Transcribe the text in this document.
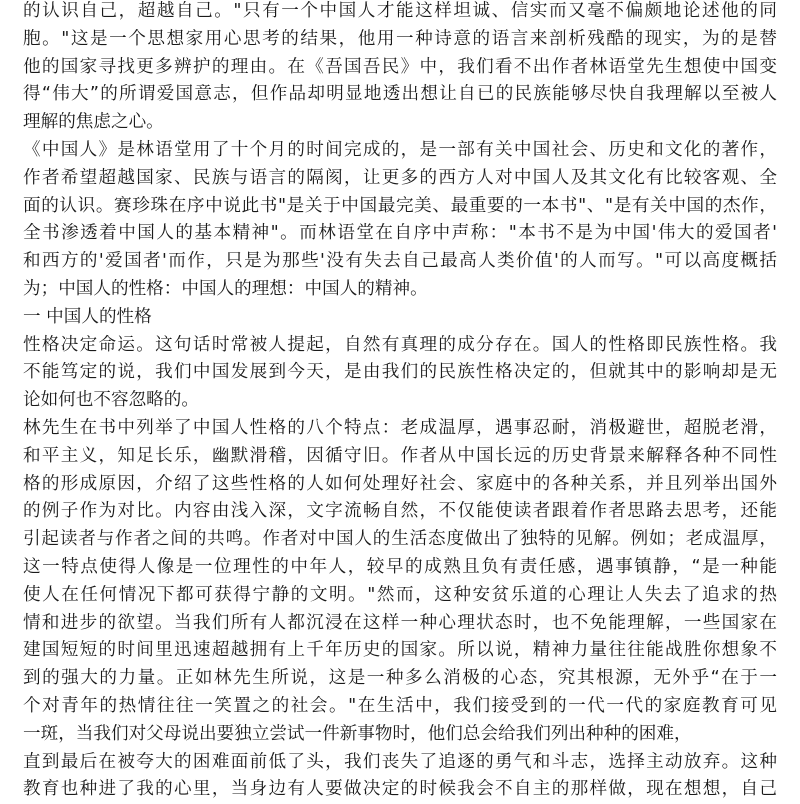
的认识自己，超越自己。"只有一个中国人才能这样坦诚、信实而又毫不偏颇地论述他的同
胞。"这是一个思想家用心思考的结果，他用一种诗意的语言来剖析残酷的现实，为的是替
他的国家寻找更多辨护的理由。在《吾国吾民》中，我们看不出作者林语堂先生想使中国变
得“伟大”的所谓爱国意志，但作品却明显地透出想让自已的民族能够尽快自我理解以至被人
理解的焦虑之心。
《中国人》是林语堂用了十个月的时间完成的，是一部有关中国社会、历史和文化的著作，
作者希望超越国家、民族与语言的隔阂，让更多的西方人对中国人及其文化有比较客观、全
面的认识。赛珍珠在序中说此书"是关于中国最完美、最重要的一本书"、"是有关中国的杰作，
全书渗透着中国人的基本精神"。而林语堂在自序中声称："本书不是为中国'伟大的爱国者'
和西方的'爱国者'而作，只是为那些'没有失去自己最高人类价值'的人而写。"可以高度概括
为；中国人的性格：中国人的理想：中国人的精神。
一 中国人的性格
性格决定命运。这句话时常被人提起，自然有真理的成分存在。国人的性格即民族性格。我
不能笃定的说，我们中国发展到今天，是由我们的民族性格决定的，但就其中的影响却是无
论如何也不容忽略的。
林先生在书中列举了中国人性格的八个特点：老成温厚，遇事忍耐，消极避世，超脱老滑，
和平主义，知足长乐，幽默滑稽，因循守旧。作者从中国长远的历史背景来解释各种不同性
格的形成原因，介绍了这些性格的人如何处理好社会、家庭中的各种关系，并且列举出国外
的例子作为对比。内容由浅入深，文字流畅自然，不仅能使读者跟着作者思路去思考，还能
引起读者与作者之间的共鸣。作者对中国人的生活态度做出了独特的见解。例如；老成温厚，
这一特点使得人像是一位理性的中年人，较早的成熟且负有责任感，遇事镇静，“是一种能
使人在任何情况下都可获得宁静的文明。"然而，这种安贫乐道的心理让人失去了追求的热
情和进步的欲望。当我们所有人都沉浸在这样一种心理状态时，也不免能理解，一些国家在
建国短短的时间里迅速超越拥有上千年历史的国家。所以说，精神力量往往能战胜你想象不
到的强大的力量。正如林先生所说，这是一种多么消极的心态，究其根源，无外乎“在于一
个对青年的热情往往一笑置之的社会。"在生活中，我们接受到的一代一代的家庭教育可见
一斑，当我们对父母说出要独立尝试一件新事物时，他们总会给我们列出种种的困难，
直到最后在被夸大的困难面前低了头，我们丧失了追逐的勇气和斗志，选择主动放弃。这种
教育也种进了我的心里，当身边有人要做决定的时候我会不自主的那样做，现在想想，自己
